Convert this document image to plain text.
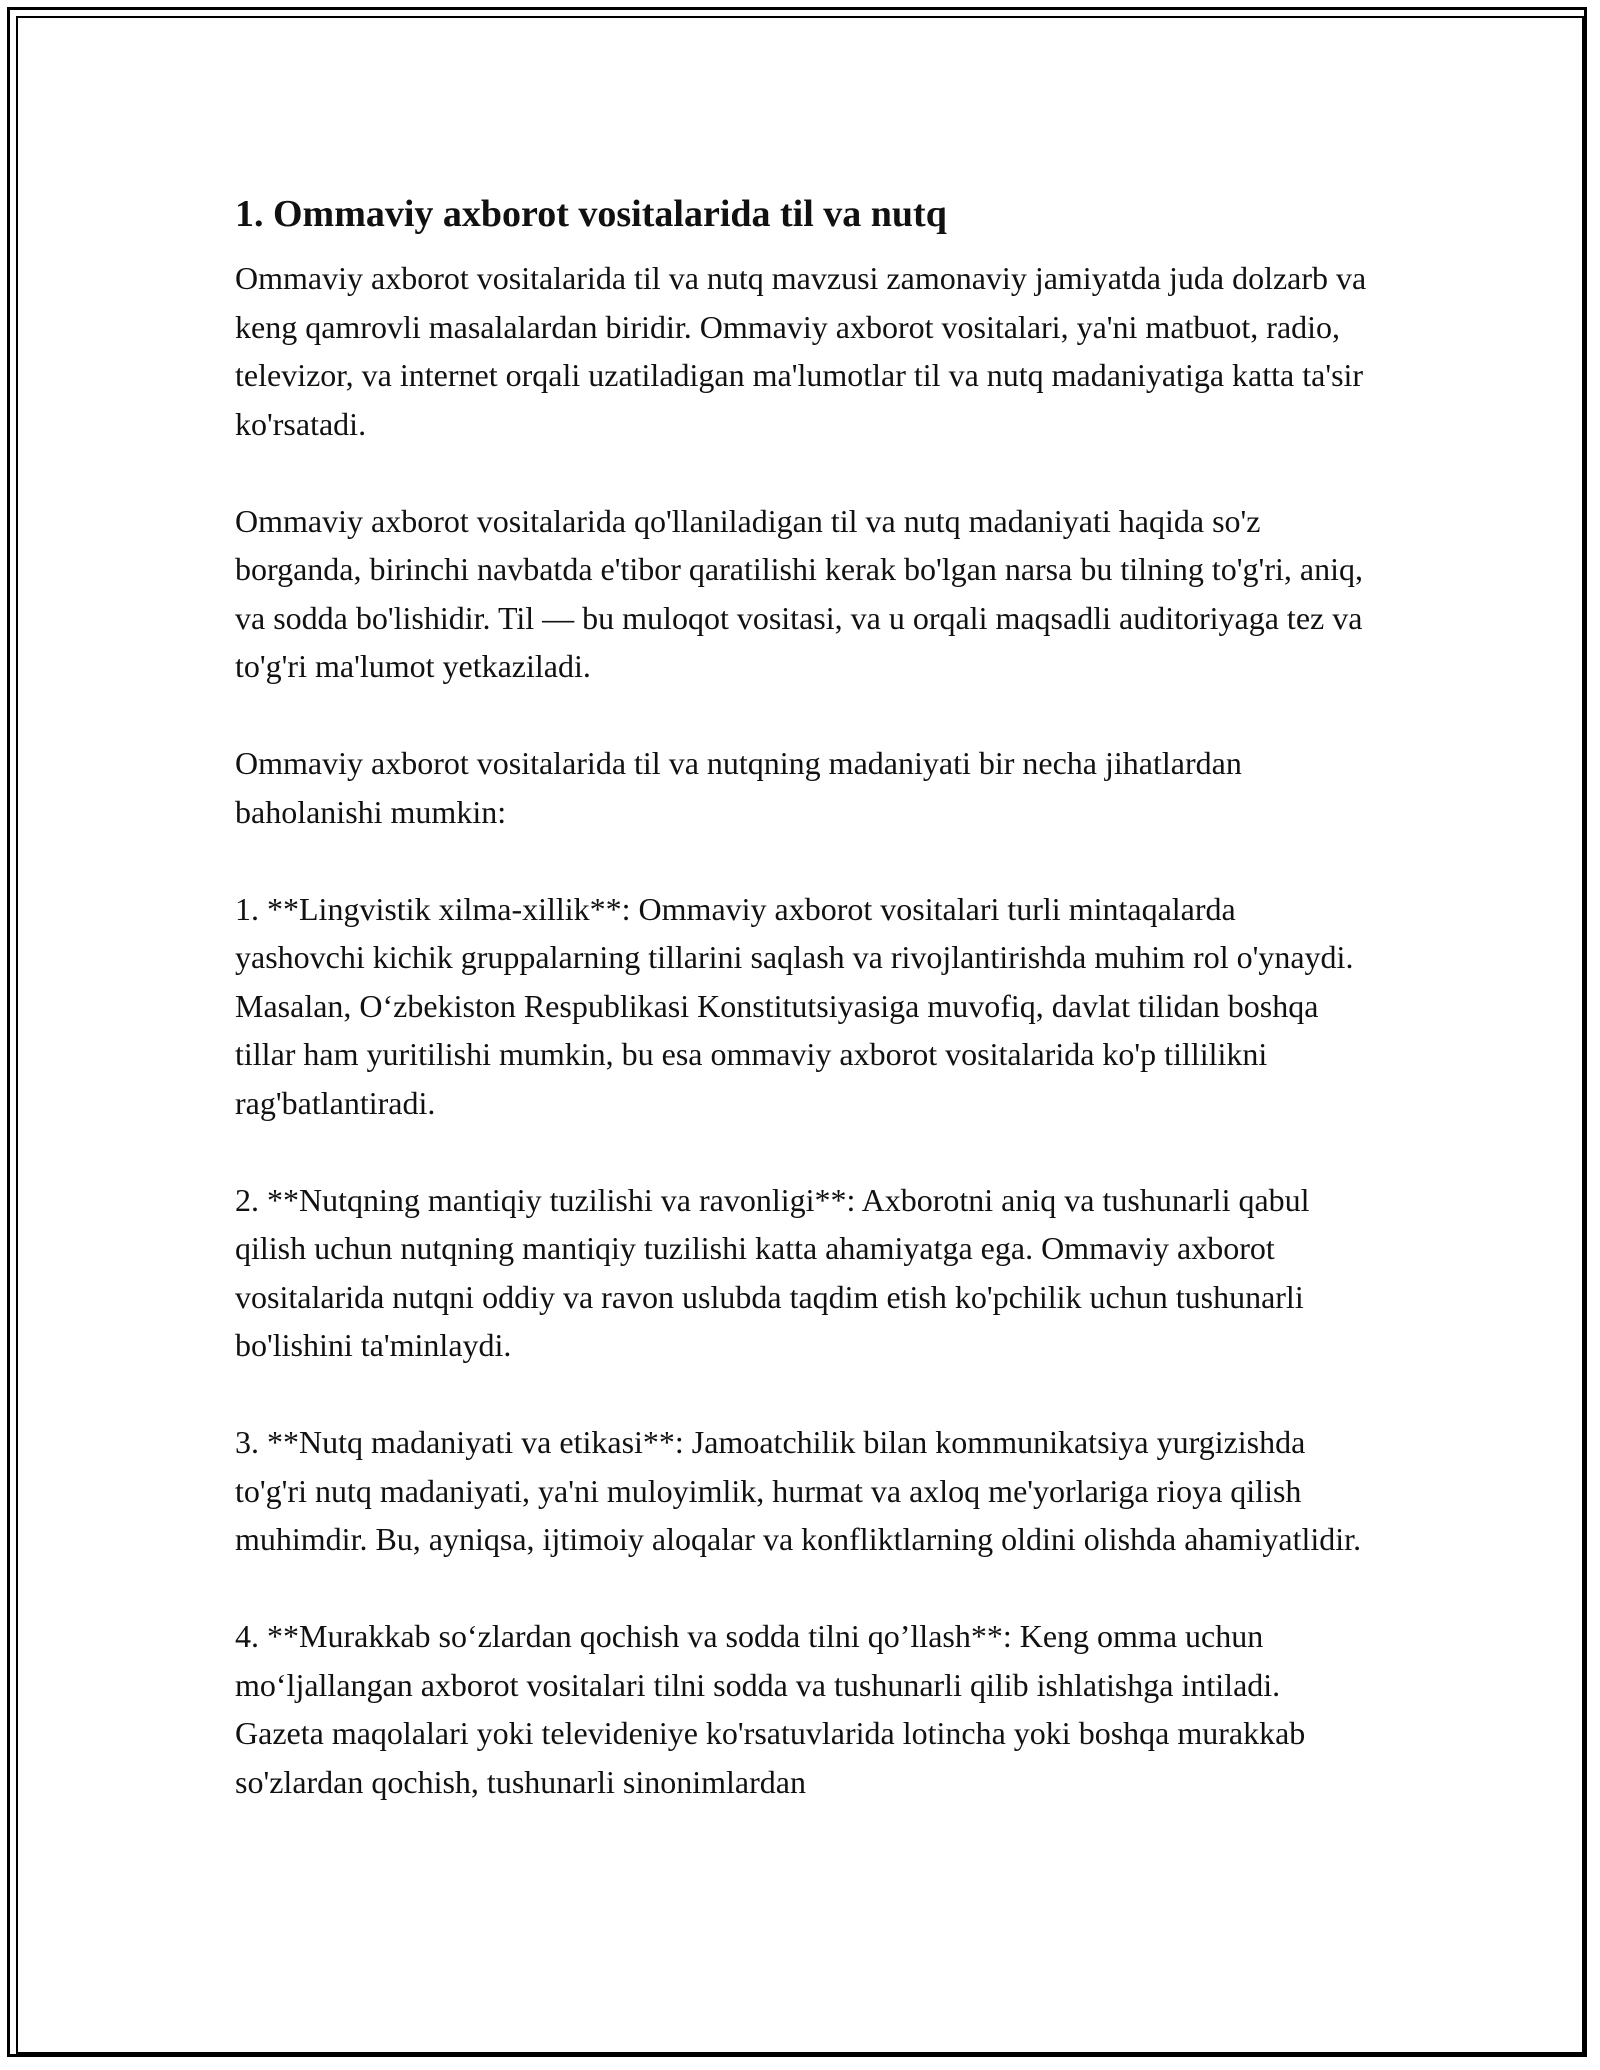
1. Ommaviy axborot vositalarida til va nutq

Ommaviy axborot vositalarida til va nutq mavzusi zamonaviy jamiyatda juda dolzarb va keng qamrovli masalalardan biridir. Ommaviy axborot vositalari, ya'ni matbuot, radio, televizor, va internet orqali uzatiladigan ma'lumotlar til va nutq madaniyatiga katta ta'sir ko'rsatadi.

Ommaviy axborot vositalarida qo'llaniladigan til va nutq madaniyati haqida so'z borganda, birinchi navbatda e'tibor qaratilishi kerak bo'lgan narsa bu tilning to'g'ri, aniq, va sodda bo'lishidir. Til — bu muloqot vositasi, va u orqali maqsadli auditoriyaga tez va to'g'ri ma'lumot yetkaziladi.

Ommaviy axborot vositalarida til va nutqning madaniyati bir necha jihatlardan baholanishi mumkin:

1. **Lingvistik xilma-xillik**: Ommaviy axborot vositalari turli mintaqalarda yashovchi kichik gruppalarning tillarini saqlash va rivojlantirishda muhim rol o'ynaydi. Masalan, O‘zbekiston Respublikasi Konstitutsiyasiga muvofiq, davlat tilidan boshqa tillar ham yuritilishi mumkin, bu esa ommaviy axborot vositalarida ko'p tillilikni rag'batlantiradi.

2. **Nutqning mantiqiy tuzilishi va ravonligi**: Axborotni aniq va tushunarli qabul qilish uchun nutqning mantiqiy tuzilishi katta ahamiyatga ega. Ommaviy axborot vositalarida nutqni oddiy va ravon uslubda taqdim etish ko'pchilik uchun tushunarli bo'lishini ta'minlaydi.

3. **Nutq madaniyati va etikasi**: Jamoatchilik bilan kommunikatsiya yurgizishda to'g'ri nutq madaniyati, ya'ni muloyimlik, hurmat va axloq me'yorlariga rioya qilish muhimdir. Bu, ayniqsa, ijtimoiy aloqalar va konfliktlarning oldini olishda ahamiyatlidir.

4. **Murakkab so‘zlardan qochish va sodda tilni qo’llash**: Keng omma uchun mo‘ljallangan axborot vositalari tilni sodda va tushunarli qilib ishlatishga intiladi. Gazeta maqolalari yoki televideniye ko'rsatuvlarida lotincha yoki boshqa murakkab so'zlardan qochish, tushunarli sinonimlardan
